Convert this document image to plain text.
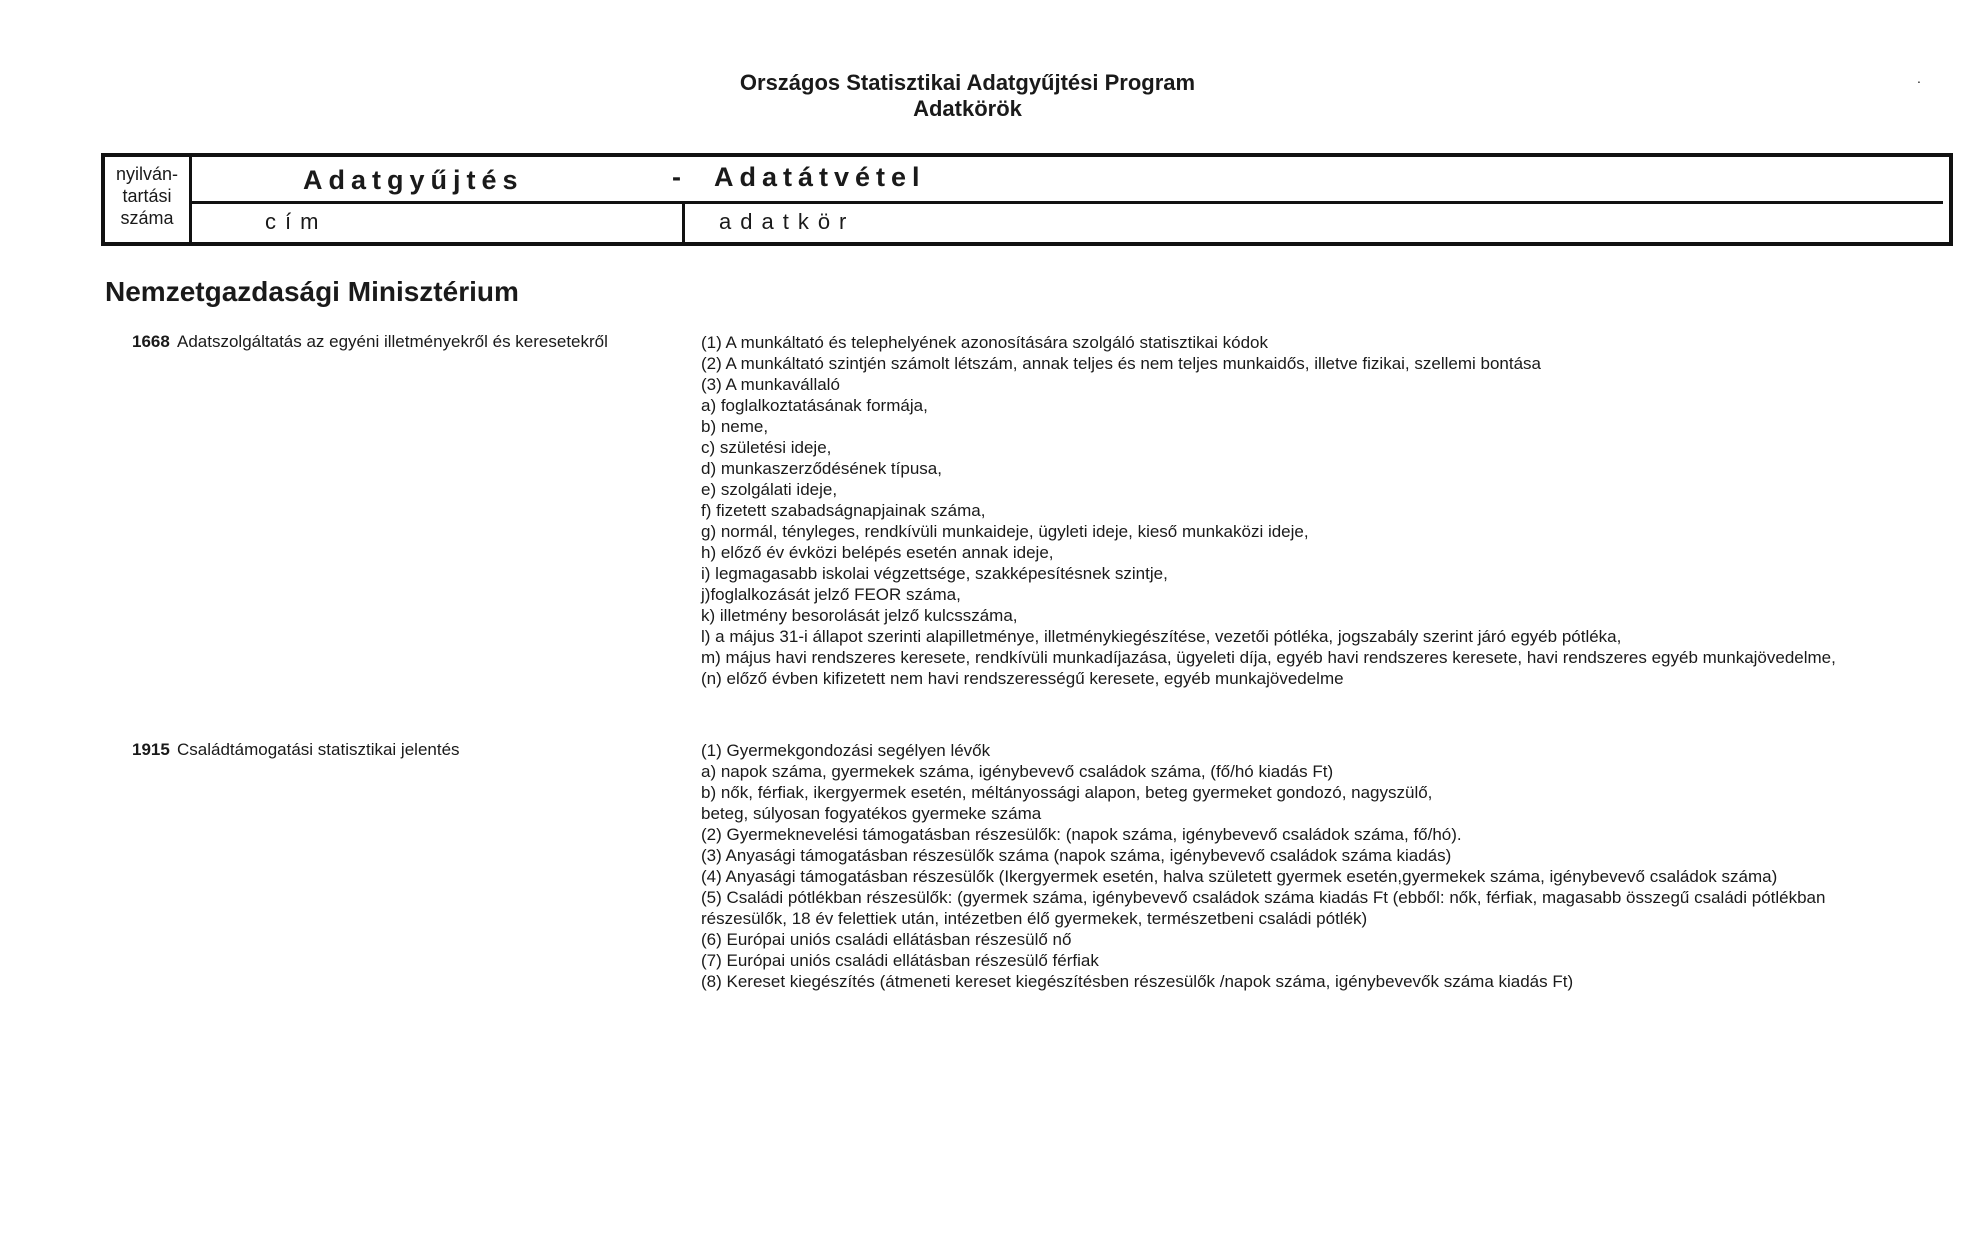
Országos Statisztikai Adatgyűjtési Program
Adatkörök
.
nyilván-
tartási
száma
Adatgyűjtés	- Adatátvétel
cím	adatkör
Nemzetgazdasági Minisztérium
1668 Adatszolgáltatás az egyéni illetményekről és keresetekről	(1) A munkáltató és telephelyének azonosítására szolgáló statisztikai kódok
(2) A munkáltató szintjén számolt létszám, annak teljes és nem teljes munkaidős, illetve fizikai, szellemi bontása
(3) A munkavállaló
a) foglalkoztatásának formája,
b) neme,
c) születési ideje,
d) munkaszerződésének típusa,
e) szolgálati ideje,
f) fizetett szabadságnapjainak száma,
g) normál, tényleges, rendkívüli munkaideje, ügyleti ideje, kieső munkaközi ideje,
h) előző év évközi belépés esetén annak ideje,
i) legmagasabb iskolai végzettsége, szakképesítésnek szintje,
j)foglalkozását jelző FEOR száma,
k) illetmény besorolását jelző kulcsszáma,
l) a május 31-i állapot szerinti alapilletménye, illetménykiegészítése, vezetői pótléka, jogszabály szerint járó egyéb pótléka,
m) május havi rendszeres keresete, rendkívüli munkadíjazása, ügyeleti díja, egyéb havi rendszeres keresete, havi rendszeres egyéb munkajövedelme,
(n) előző évben kifizetett nem havi rendszerességű keresete, egyéb munkajövedelme
1915 Családtámogatási statisztikai jelentés	(1) Gyermekgondozási segélyen lévők
a) napok száma, gyermekek száma, igénybevevő családok száma, (fő/hó kiadás Ft)
b) nők, férfiak, ikergyermek esetén, méltányossági alapon, beteg gyermeket gondozó, nagyszülő,
beteg, súlyosan fogyatékos gyermeke száma
(2) Gyermeknevelési támogatásban részesülők: (napok száma, igénybevevő családok száma, fő/hó).
(3) Anyasági támogatásban részesülők száma (napok száma, igénybevevő családok száma kiadás)
(4) Anyasági támogatásban részesülők (Ikergyermek esetén, halva született gyermek esetén,gyermekek száma, igénybevevő családok száma)
(5) Családi pótlékban részesülők: (gyermek száma, igénybevevő családok száma kiadás Ft (ebből: nők, férfiak, magasabb összegű családi pótlékban részesülők, 18 év felettiek után, intézetben élő gyermekek, természetbeni családi pótlék)
(6) Európai uniós családi ellátásban részesülő nő
(7) Európai uniós családi ellátásban részesülő férfiak
(8) Kereset kiegészítés (átmeneti kereset kiegészítésben részesülők /napok száma, igénybevevők száma kiadás Ft)
